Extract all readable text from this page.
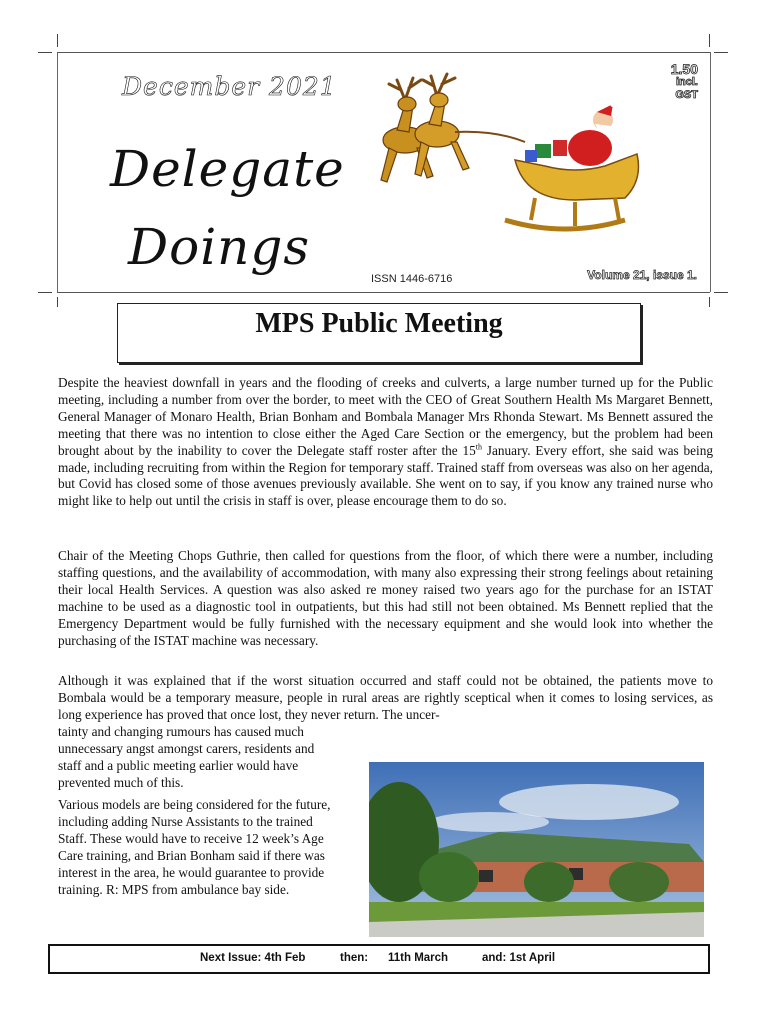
December 2021
Delegate
Doings
1.50
incl.
GST
ISSN 1446-6716	Volume 21, issue 1.
MPS Public Meeting
Despite the heaviest downfall in years and the flooding of creeks and culverts, a large number turned up for the Public meeting, including a number from over the border, to meet with the CEO of Great Southern Health Ms Margaret Bennett, General Manager of Monaro Health, Brian Bonham and Bombala Manager Mrs Rhonda Stewart. Ms Bennett assured the meeting that there was no intention to close either the Aged Care Section or the emergency, but the problem had been brought about by the inability to cover the Delegate staff roster after the 15th January. Every effort, she said was being made, including recruiting from within the Region for temporary staff. Trained staff from overseas was also on her agenda, but Covid has closed some of those avenues previously available. She went on to say, if you know any trained nurse who might like to help out until the crisis in staff is over, please encourage them to do so.
Chair of the Meeting Chops Guthrie, then called for questions from the floor, of which there were a number, including staffing questions, and the availability of accommodation, with many also expressing their strong feelings about retaining their local Health Services. A question was also asked re money raised two years ago for the purchase for an ISTAT machine to be used as a diagnostic tool in outpatients, but this had still not been obtained. Ms Bennett replied that the Emergency Department would be fully furnished with the necessary equipment and she would look into whether the purchasing of the ISTAT machine was necessary.
Although it was explained that if the worst situation occurred and staff could not be obtained, the patients move to Bombala would be a temporary measure, people in rural areas are rightly sceptical when it comes to losing services, as long experience has proved that once lost, they never return. The uncer-
tainty and changing rumours has caused much unnecessary angst amongst carers, residents and staff and a public meeting earlier would have prevented much of this.
Various models are being considered for the future, including adding Nurse Assistants to the trained Staff. These would have to receive 12 week’s Age Care training, and Brian Bonham said if there was interest in the area, he would guarantee to provide training. R: MPS from ambulance bay side.
Next Issue: 4th Feb	then: 11th March	and: 1st April
